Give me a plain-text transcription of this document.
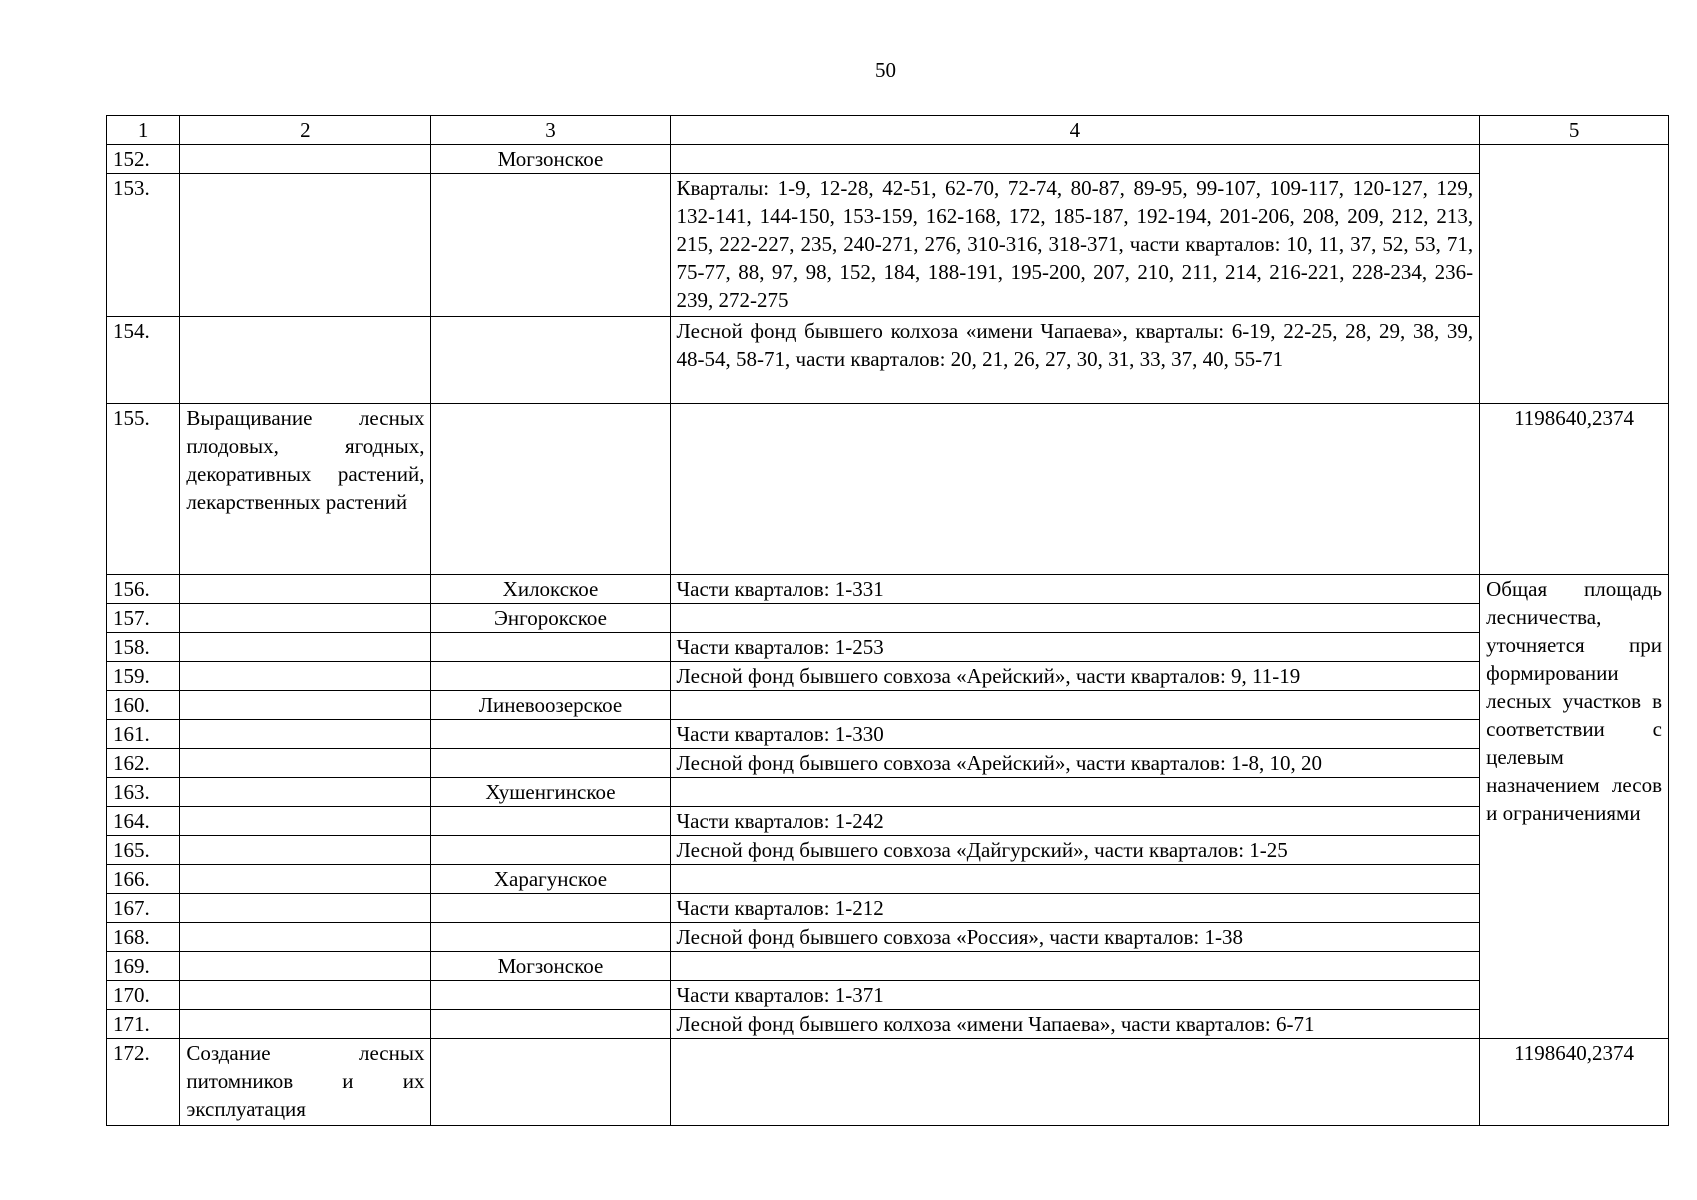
50
1	2	3	4	5
152.		Могзонское		
153.			Кварталы: 1-9, 12-28, 42-51, 62-70, 72-74, 80-87, 89-95, 99-107, 109-117, 120-127, 129, 132-141, 144-150, 153-159, 162-168, 172, 185-187, 192-194, 201-206, 208, 209, 212, 213, 215, 222-227, 235, 240-271, 276, 310-316, 318-371, части кварталов: 10, 11, 37, 52, 53, 71, 75-77, 88, 97, 98, 152, 184, 188-191, 195-200, 207, 210, 211, 214, 216-221, 228-234, 236-239, 272-275	
154.			Лесной фонд бывшего колхоза «имени Чапаева», кварталы: 6-19, 22-25, 28, 29, 38, 39, 48-54, 58-71, части кварталов: 20, 21, 26, 27, 30, 31, 33, 37, 40, 55-71	
155.	Выращивание лесных плодовых, ягодных, декоративных растений, лекарственных растений			1198640,2374
156.		Хилокское	Части кварталов: 1-331	Общая площадь лесничества, уточняется при формировании лесных участков в соответствии с целевым назначением лесов и ограничениями
157.		Энгорокское		
158.			Части кварталов: 1-253	
159.			Лесной фонд бывшего совхоза «Арейский», части кварталов: 9, 11-19	
160.		Линевоозерское		
161.			Части кварталов: 1-330	
162.			Лесной фонд бывшего совхоза «Арейский», части кварталов: 1-8, 10, 20	
163.		Хушенгинское		
164.			Части кварталов: 1-242	
165.			Лесной фонд бывшего совхоза «Дайгурский», части кварталов: 1-25	
166.		Харагунское		
167.			Части кварталов: 1-212	
168.			Лесной фонд бывшего совхоза «Россия», части кварталов: 1-38	
169.		Могзонское		
170.			Части кварталов: 1-371	
171.			Лесной фонд бывшего колхоза «имени Чапаева», части кварталов: 6-71	
172.	Создание лесных питомников и их эксплуатация			1198640,2374
